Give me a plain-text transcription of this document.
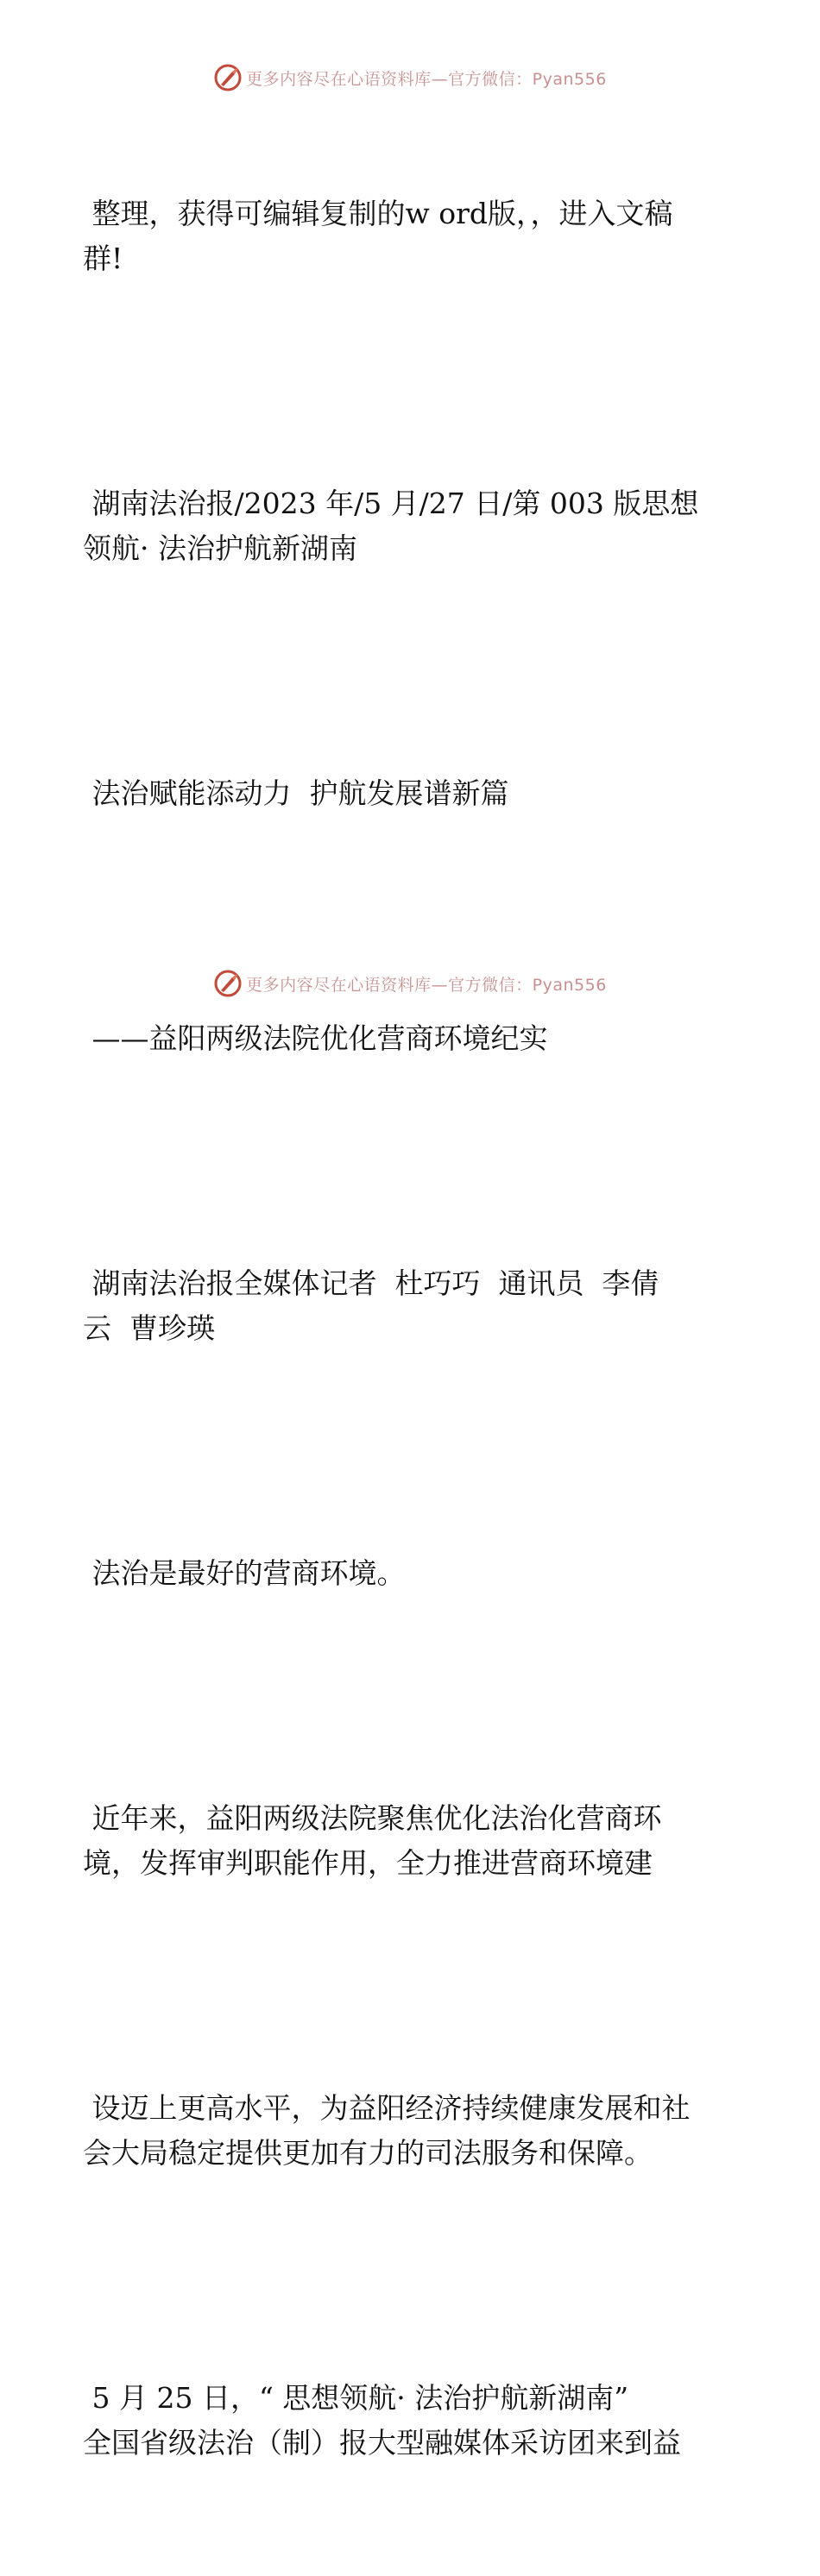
更多内容尽在心语资料库—官方微信：Pyan556

整理，获得可编辑复制的w ord版，，进入文稿
群!

湖南法治报/2023 年/5 月/27 日/第 003 版思想
领航· 法治护航新湖南

法治赋能添动力  护航发展谱新篇

——益阳两级法院优化营商环境纪实

湖南法治报全媒体记者  杜巧巧  通讯员  李倩
云  曹珍瑛

法治是最好的营商环境。

近年来，益阳两级法院聚焦优化法治化营商环
境，发挥审判职能作用，全力推进营商环境建

设迈上更高水平，为益阳经济持续健康发展和社
会大局稳定提供更加有力的司法服务和保障。

5 月 25 日，“ 思想领航· 法治护航新湖南”
全国省级法治（制）报大型融媒体采访团来到益

更多内容尽在心语资料库—官方微信：Pyan556
